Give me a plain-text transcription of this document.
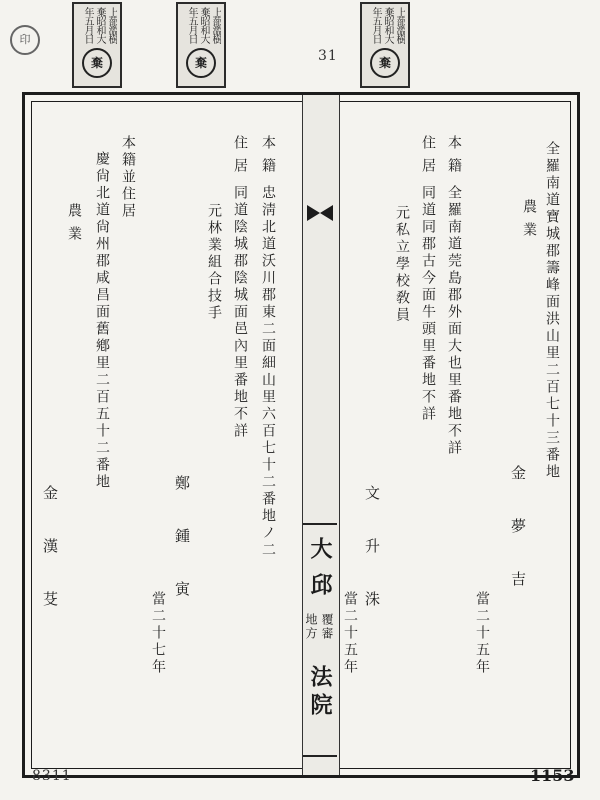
印	上蔀濫樹棄昭和大年五月日
棄
上蔀濫樹棄昭和大年五月日
棄	31
上蔀濫樹棄昭和大年五月日
棄
大
邱
覆審
地方
法院
全羅南道寶城郡籌峰面洪山里二百七十三番地
農業
金夢吉
當二十五年
本籍
全羅南道莞島郡外面大也里番地不詳
住居
同道同郡古今面牛頭里番地不詳
元私立學校敎員
文升洙
當二十五年
本籍
忠淸北道沃川郡東二面細山里六百七十二番地ノ二
住居
同道陰城郡陰城面邑內里番地不詳
元林業組合技手
鄭鍾寅
當二十七年
本籍並住居
慶尙北道尙州郡咸昌面舊鄕里二百五十二番地
農業
金漢芟
8311	1153
